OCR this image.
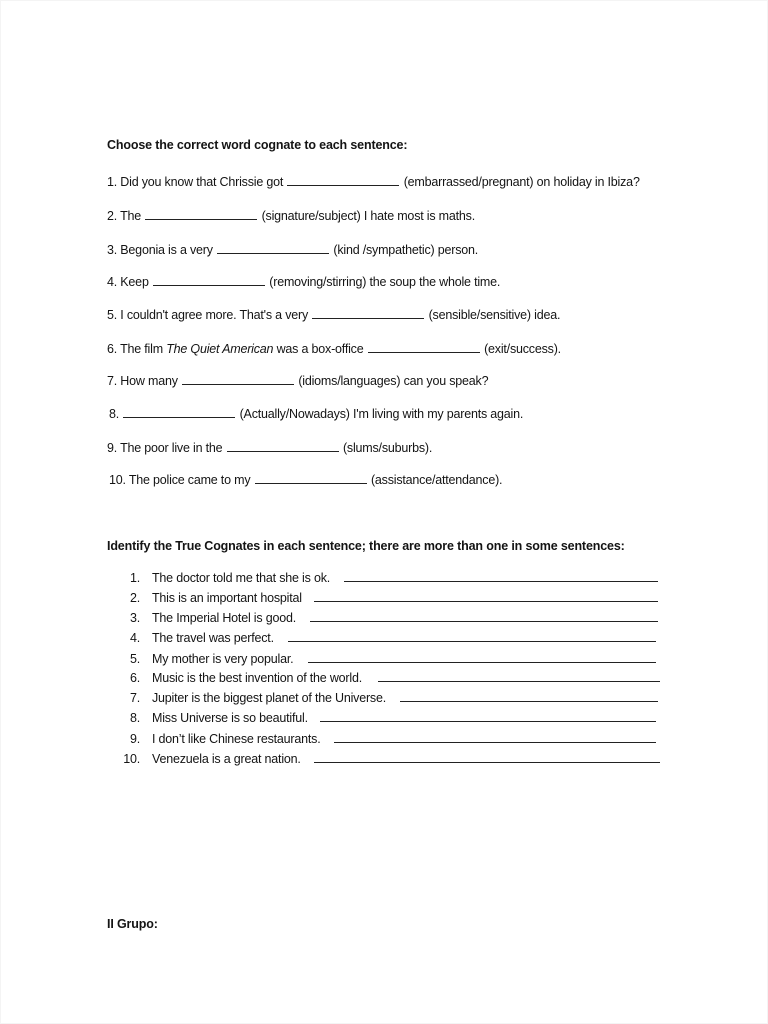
Choose the correct word cognate to each sentence:
1. Did you know that Chrissie got	(embarrassed/pregnant) on holiday in Ibiza?
2. The	(signature/subject) I hate most is maths.
3. Begonia is a very	(kind /sympathetic) person.
4. Keep	(removing/stirring) the soup the whole time.
5. I couldn't agree more. That's a very	(sensible/sensitive) idea.
6. The film The Quiet American was a box-office	(exit/success).
7. How many	(idioms/languages) can you speak?
8.	(Actually/Nowadays) I'm living with my parents again.
9. The poor live in the	(slums/suburbs).
10. The police came to my	(assistance/attendance).
Identify the True Cognates in each sentence; there are more than one in some sentences:
1. The doctor told me that she is ok.
2. This is an important hospital
3. The Imperial Hotel is good.
4. The travel was perfect.
5. My mother is very popular.
6. Music is the best invention of the world.
7. Jupiter is the biggest planet of the Universe.
8. Miss Universe is so beautiful.
9. I don’t like Chinese restaurants.
10. Venezuela is a great nation.
II Grupo:
